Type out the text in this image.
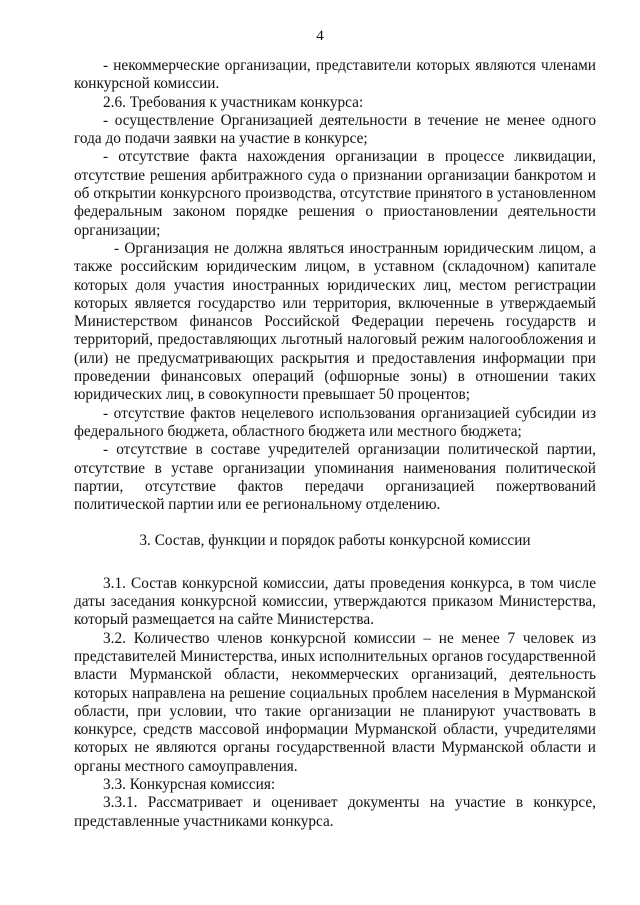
4

- некоммерческие организации, представители которых являются членами конкурсной комиссии.

2.6. Требования к участникам конкурса:

- осуществление Организацией деятельности в течение не менее одного года до подачи заявки на участие в конкурсе;

- отсутствие факта нахождения организации в процессе ликвидации, отсутствие решения арбитражного суда о признании организации банкротом и об открытии конкурсного производства, отсутствие принятого в установленном федеральным законом порядке решения о приостановлении деятельности организации;

- Организация не должна являться иностранным юридическим лицом, а также российским юридическим лицом, в уставном (складочном) капитале которых доля участия иностранных юридических лиц, местом регистрации которых является государство или территория, включенные в утверждаемый Министерством финансов Российской Федерации перечень государств и территорий, предоставляющих льготный налоговый режим налогообложения и (или) не предусматривающих раскрытия и предоставления информации при проведении финансовых операций (офшорные зоны) в отношении таких юридических лиц, в совокупности превышает 50 процентов;

- отсутствие фактов нецелевого использования организацией субсидии из федерального бюджета, областного бюджета или местного бюджета;

- отсутствие в составе учредителей организации политической партии, отсутствие в уставе организации упоминания наименования политической партии, отсутствие фактов передачи организацией пожертвований политической партии или ее региональному отделению.

3. Состав, функции и порядок работы конкурсной комиссии

3.1. Состав конкурсной комиссии, даты проведения конкурса, в том числе даты заседания конкурсной комиссии, утверждаются приказом Министерства, который размещается на сайте Министерства.

3.2. Количество членов конкурсной комиссии – не менее 7 человек из представителей Министерства, иных исполнительных органов государственной власти Мурманской области, некоммерческих организаций, деятельность которых направлена на решение социальных проблем населения в Мурманской области, при условии, что такие организации не планируют участвовать в конкурсе, средств массовой информации Мурманской области, учредителями которых не являются органы государственной власти Мурманской области и органы местного самоуправления.

3.3. Конкурсная комиссия:

3.3.1. Рассматривает и оценивает документы на участие в конкурсе, представленные участниками конкурса.
